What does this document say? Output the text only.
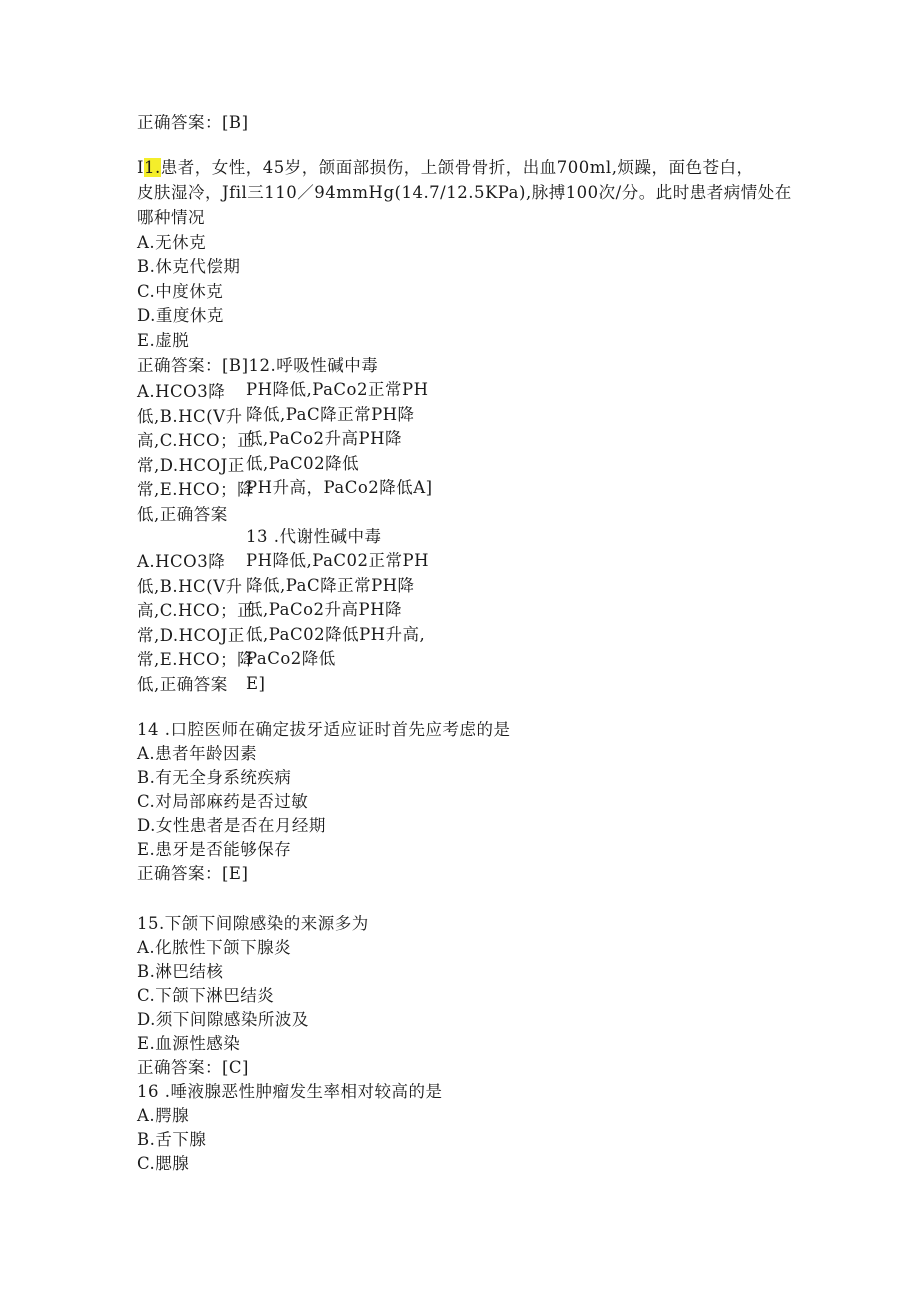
正确答案：[B]
I1.患者，女性，45岁，颌面部损伤，上颌骨骨折，出血700ml,烦躁，面色苍白，
皮肤湿冷，Jfil三110／94mmHg(14.7/12.5KPa),脉搏100次/分。此时患者病情处在
哪种情况
A.无休克
B.休克代偿期
C.中度休克
D.重度休克
E.虚脱
正确答案：[B]12.呼吸性碱中毒
A.HCO3降
低,B.HC(V升
高,C.HCO；正
常,D.HCOJ正
常,E.HCO；降
低,正确答案
PH降低,PaCo2正常PH
降低,PaC降正常PH降
低,PaCo2升高PH降
低,PaC02降低
PH升高，PaCo2降低A]
13 .代谢性碱中毒
A.HCO3降
低,B.HC(V升
高,C.HCO；正
常,D.HCOJ正
常,E.HCO；降
低,正确答案
PH降低,PaC02正常PH
降低,PaC降正常PH降
低,PaCo2升高PH降
低,PaC02降低PH升高,
PaCo2降低
E]
14 .口腔医师在确定拔牙适应证时首先应考虑的是
A.患者年龄因素
B.有无全身系统疾病
C.对局部麻药是否过敏
D.女性患者是否在月经期
E.患牙是否能够保存
正确答案：[E]
15.下颌下间隙感染的来源多为
A.化脓性下颌下腺炎
B.淋巴结核
C.下颌下淋巴结炎
D.须下间隙感染所波及
E.血源性感染
正确答案：[C]
16 .唾液腺恶性肿瘤发生率相对较高的是
A.腭腺
B.舌下腺
C.腮腺
